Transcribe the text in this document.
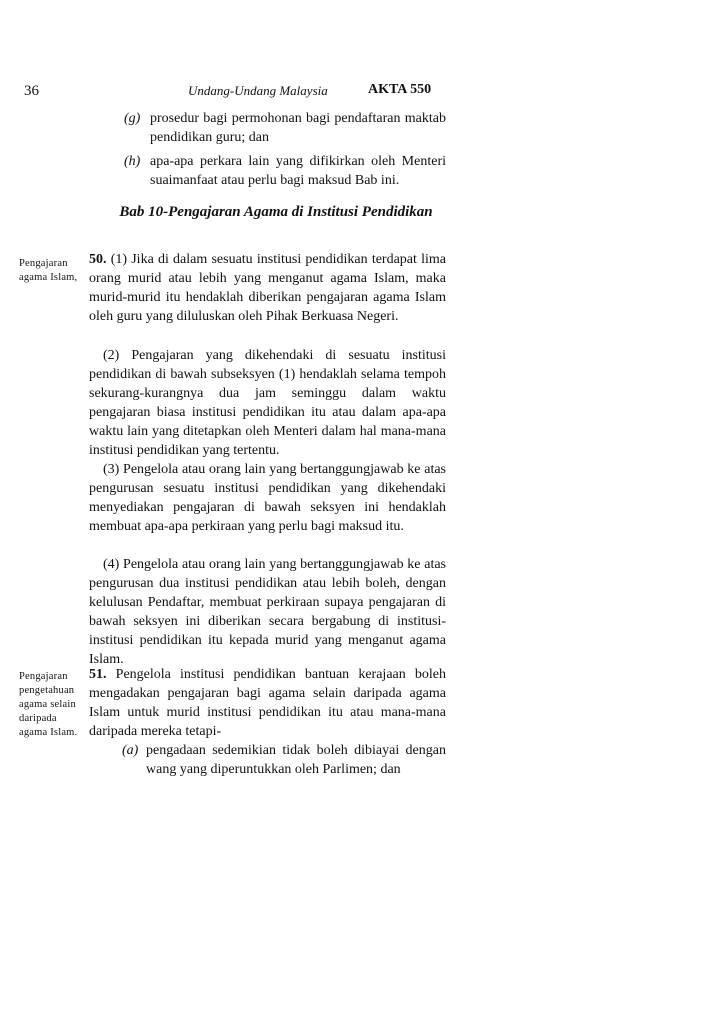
36	Undang-Undang Malaysia	AKTA 550
(g) prosedur bagi permohonan bagi pendaftaran maktab pendidikan guru; dan
(h) apa-apa perkara lain yang difikirkan oleh Menteri suaimanfaat atau perlu bagi maksud Bab ini.
Bab 10-Pengajaran Agama di Institusi Pendidikan
Pengajaran agama Islam,

50. (1) Jika di dalam sesuatu institusi pendidikan terdapat lima orang murid atau lebih yang menganut agama Islam, maka murid-murid itu hendaklah diberikan pengajaran agama Islam oleh guru yang diluluskan oleh Pihak Berkuasa Negeri.

(2) Pengajaran yang dikehendaki di sesuatu institusi pendidikan di bawah subseksyen (1) hendaklah selama tempoh sekurang-kurangnya dua jam seminggu dalam waktu pengajaran biasa institusi pendidikan itu atau dalam apa-apa waktu lain yang ditetapkan oleh Menteri dalam hal mana-mana institusi pendidikan yang tertentu.

(3) Pengelola atau orang lain yang bertanggungjawab ke atas pengurusan sesuatu institusi pendidikan yang dikehendaki menyediakan pengajaran di bawah seksyen ini hendaklah membuat apa-apa perkiraan yang perlu bagi maksud itu.

(4) Pengelola atau orang lain yang bertanggungjawab ke atas pengurusan dua institusi pendidikan atau lebih boleh, dengan kelulusan Pendaftar, membuat perkiraan supaya pengajaran di bawah seksyen ini diberikan secara bergabung di institusi-institusi pendidikan itu kepada murid yang menganut agama Islam.

Pengajaran pengetahuan agama selain daripada agama Islam.

51. Pengelola institusi pendidikan bantuan kerajaan boleh mengadakan pengajaran bagi agama selain daripada agama Islam untuk murid institusi pendidikan itu atau mana-mana daripada mereka tetapi-

(a) pengadaan sedemikian tidak boleh dibiayai dengan wang yang diperuntukkan oleh Parlimen; dan
